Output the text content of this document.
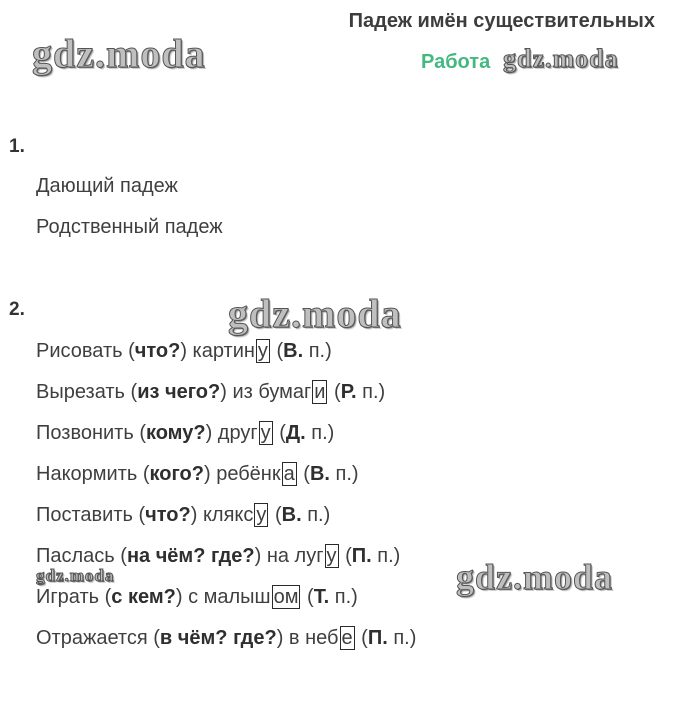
Падеж имён существительных
Работа
gdz.moda	gdz.moda
gdz.moda
gdz.moda	gdz.moda
1.
Дающий падеж
Родственный падеж
2.
Рисовать (что?) картин у (В. п.)
Вырезать (из чего?) из бумаг и (Р. п.)
Позвонить (кому?) друг у (Д. п.)
Накормить (кого?) ребёнк а (В. п.)
Поставить (что?) клякс у (В. п.)
Паслась (на чём? где?) на луг у (П. п.)
Играть (с кем?) с малыш ом (Т. п.)
Отражается (в чём? где?) в неб е (П. п.)
